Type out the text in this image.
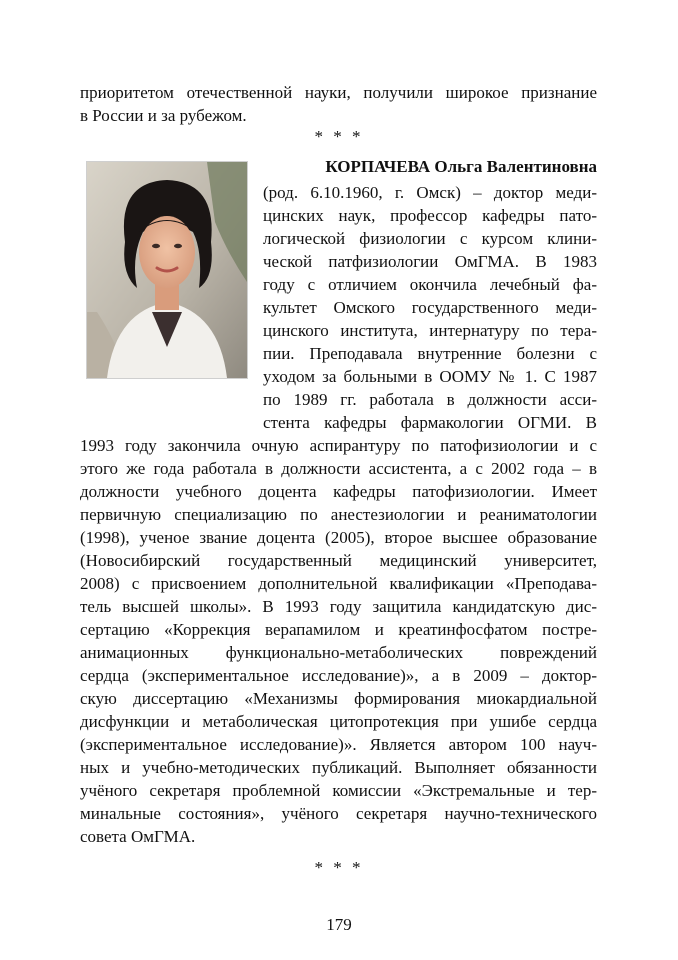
приоритетом отечественной науки, получили широкое признание
в России и за рубежом.
* * *
КОРПАЧЕВА Ольга Валентиновна
(род. 6.10.1960, г. Омск) – доктор меди-
цинских наук, профессор кафедры пато-
логической физиологии с курсом клини-
ческой патфизиологии ОмГМА. В 1983
году с отличием окончила лечебный фа-
культет Омского государственного меди-
цинского института, интернатуру по тера-
пии. Преподавала внутренние болезни с
уходом за больными в ООМУ № 1. С 1987
по 1989 гг. работала в должности асси-
стента кафедры фармакологии ОГМИ. В
1993 году закончила очную аспирантуру по патофизиологии и с
этого же года работала в должности ассистента, а с 2002 года – в
должности учебного доцента кафедры патофизиологии. Имеет
первичную специализацию по анестезиологии и реаниматологии
(1998), ученое звание доцента (2005), второе высшее образование
(Новосибирский государственный медицинский университет,
2008) с присвоением дополнительной квалификации «Преподава-
тель высшей школы». В 1993 году защитила кандидатскую дис-
сертацию «Коррекция верапамилом и креатинфосфатом постре-
анимационных функционально-метаболических повреждений
сердца (экспериментальное исследование)», а в 2009 – доктор-
скую диссертацию «Механизмы формирования миокардиальной
дисфункции и метаболическая цитопротекция при ушибе сердца
(экспериментальное исследование)». Является автором 100 науч-
ных и учебно-методических публикаций. Выполняет обязанности
учёного секретаря проблемной комиссии «Экстремальные и тер-
минальные состояния», учёного секретаря научно-технического
совета ОмГМА.
* * *
179
